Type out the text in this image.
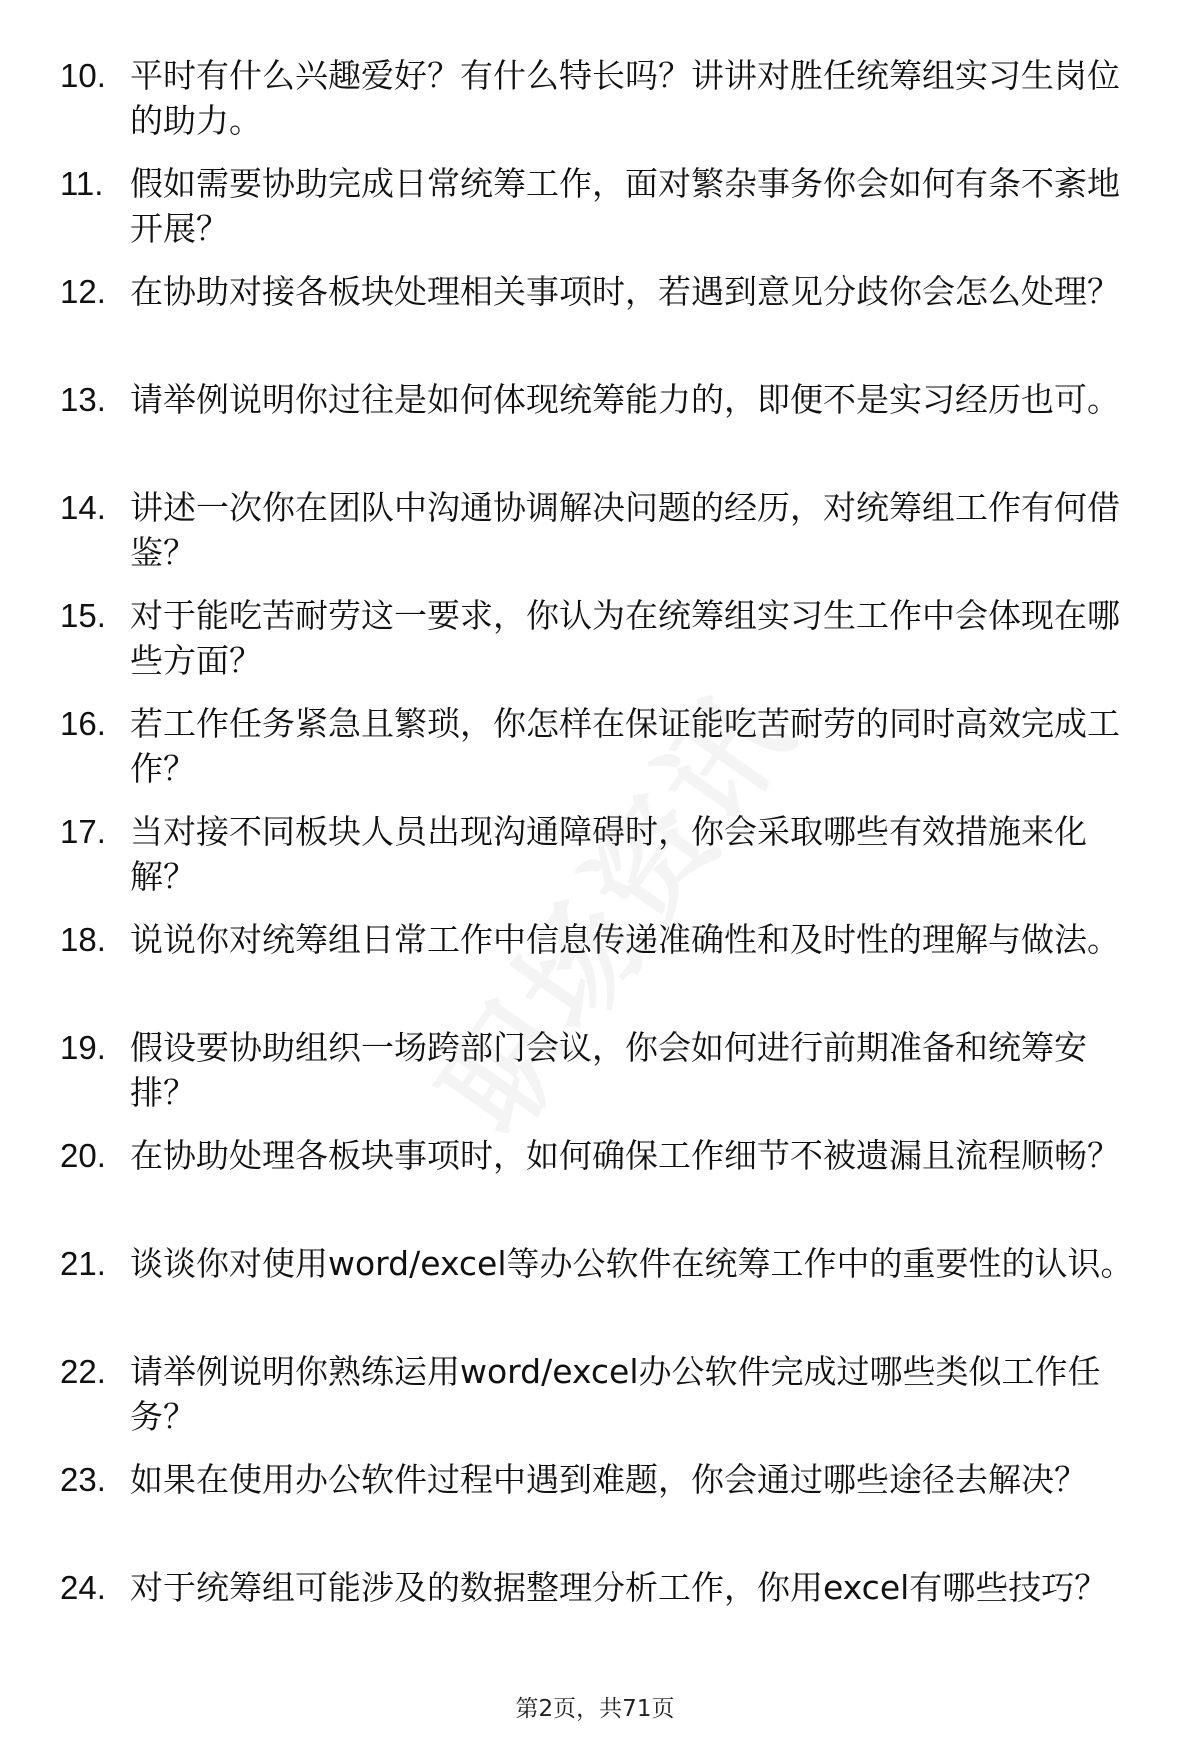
10. 平时有什么兴趣爱好？有什么特长吗？讲讲对胜任统筹组实习生岗位的助力。
11. 假如需要协助完成日常统筹工作，面对繁杂事务你会如何有条不紊地开展？
12. 在协助对接各板块处理相关事项时，若遇到意见分歧你会怎么处理？
13. 请举例说明你过往是如何体现统筹能力的，即便不是实习经历也可。
14. 讲述一次你在团队中沟通协调解决问题的经历，对统筹组工作有何借鉴？
15. 对于能吃苦耐劳这一要求，你认为在统筹组实习生工作中会体现在哪些方面？
16. 若工作任务紧急且繁琐，你怎样在保证能吃苦耐劳的同时高效完成工作？
17. 当对接不同板块人员出现沟通障碍时，你会采取哪些有效措施来化解？
18. 说说你对统筹组日常工作中信息传递准确性和及时性的理解与做法。
19. 假设要协助组织一场跨部门会议，你会如何进行前期准备和统筹安排？
20. 在协助处理各板块事项时，如何确保工作细节不被遗漏且流程顺畅？
21. 谈谈你对使用word/excel等办公软件在统筹工作中的重要性的认识。
22. 请举例说明你熟练运用word/excel办公软件完成过哪些类似工作任务？
23. 如果在使用办公软件过程中遇到难题，你会通过哪些途径去解决？
24. 对于统筹组可能涉及的数据整理分析工作，你用excel有哪些技巧？
第2页，共71页
